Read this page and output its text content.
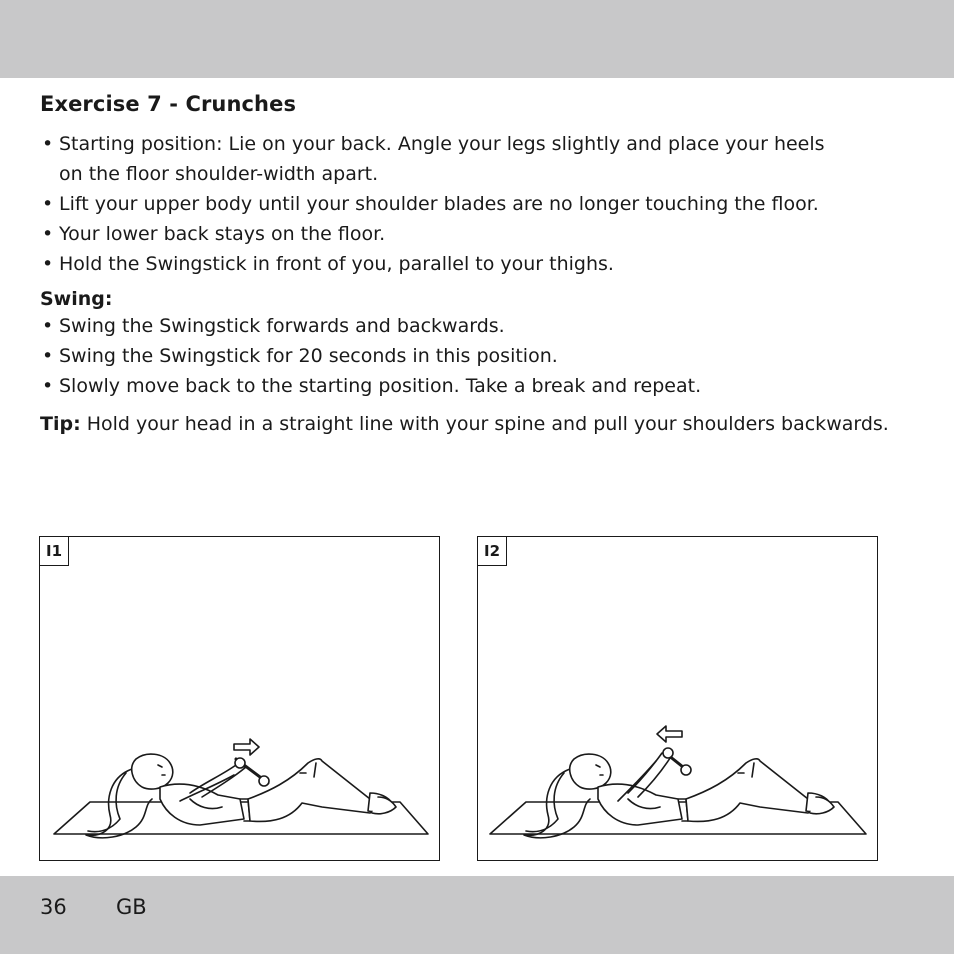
Exercise 7 - Crunches
• Starting position: Lie on your back. Angle your legs slightly and place your heels on the floor shoulder-width apart.
• Lift your upper body until your shoulder blades are no longer touching the floor.
• Your lower back stays on the floor.
• Hold the Swingstick in front of you, parallel to your thighs.
Swing:
• Swing the Swingstick forwards and backwards.
• Swing the Swingstick for 20 seconds in this position.
• Slowly move back to the starting position. Take a break and repeat.
Tip: Hold your head in a straight line with your spine and pull your shoulders backwards.
I1	I2
36 GB
